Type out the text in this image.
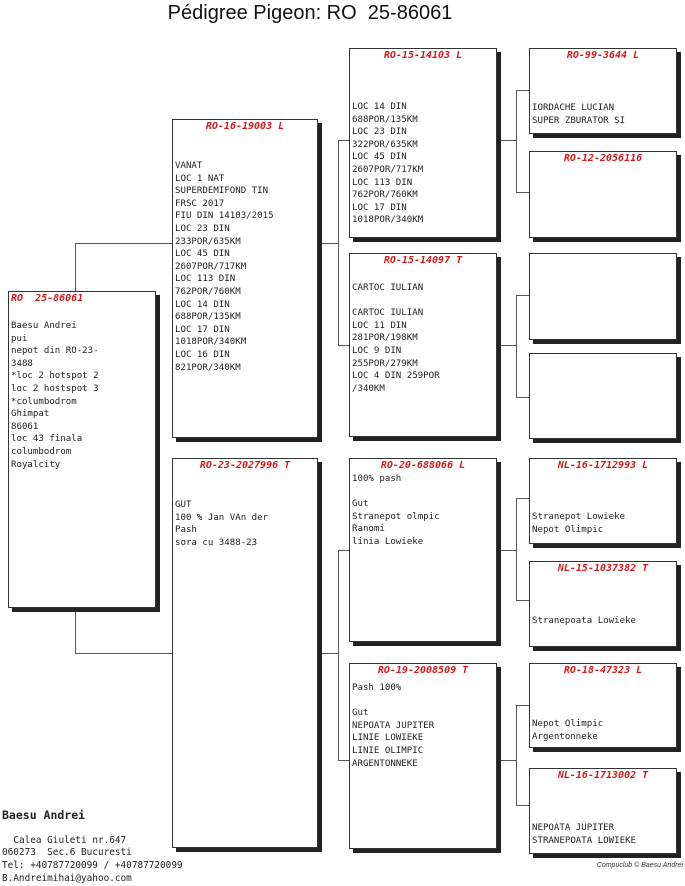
Pédigree Pigeon: RO  25-86061
RO  25-86061
Baesu Andrei
pui
nepot din RO-23-
3488
*loc 2 hotspot 2
loc 2 hostspot 3
*columbodrom
Ghimpat
86061
loc 43 finala
columbodrom
Royalcity
RO-16-19003 L
VANAT
LOC 1 NAT
SUPERDEMIFOND TIN
FRSC 2017
FIU DIN 14103/2015
LOC 23 DIN
233POR/635KM
LOC 45 DIN
2607POR/717KM
LOC 113 DIN
762POR/760KM
LOC 14 DIN
688POR/135KM
LOC 17 DIN
1018POR/340KM
LOC 16 DIN
821POR/340KM
RO-23-2027996 T
GUT
100 % Jan VAn der
Pash
sora cu 3488-23
RO-15-14103 L
LOC 14 DIN
688POR/135KM
LOC 23 DIN
322POR/635KM
LOC 45 DIN
2607POR/717KM
LOC 113 DIN
762POR/760KM
LOC 17 DIN
1018POR/340KM
RO-15-14097 T
CARTOC IULIAN

CARTOC IULIAN
LOC 11 DIN
281POR/198KM
LOC 9 DIN
255POR/279KM
LOC 4 DIN 259POR
/340KM
RO-20-688066 L
100% pash

Gut
Stranepot olmpic
Ranomi
linia Lowieke
RO-19-2008509 T
Pash 100%

Gut
NEPOATA JUPITER
LINIE LOWIEKE
LINIE OLIMPIC
ARGENTONNEKE
RO-99-3644 L
IORDACHE LUCIAN
SUPER ZBURATOR SI
RO-12-2056116
NL-16-1712993 L
Stranepot Lowieke
Nepot Olimpic
NL-15-1037382 T
Stranepoata Lowieke
RO-18-47323 L
Nepot Olimpic
Argentonneke
NL-16-1713002 T
NEPOATA JUPITER
STRANEPOATA LOWIEKE

Baesu Andrei

Calea Giuleti nr.647
060273  Sec.6 Bucuresti
Tel: +40787720099 / +40787720099
B.Andreimihai@yahoo.com

Compuclub © Baesu Andrei
